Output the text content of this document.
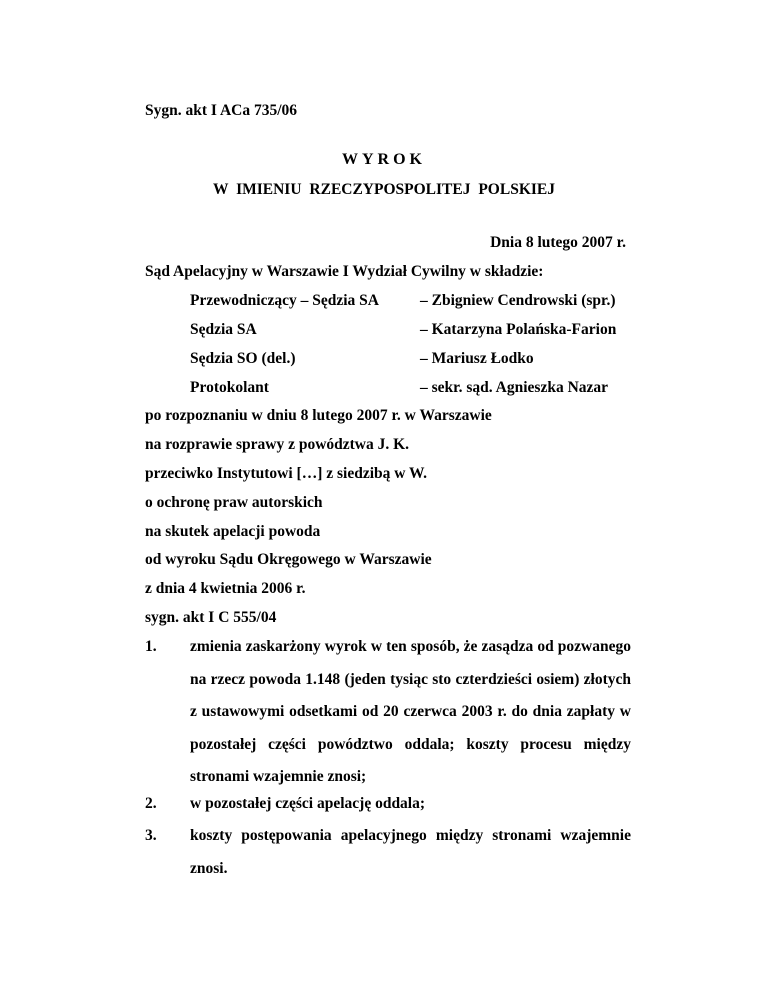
Sygn. akt I ACa 735/06
WYROK
W IMIENIU RZECZYPOSPOLITEJ POLSKIEJ
Dnia 8 lutego 2007 r.
Sąd Apelacyjny w Warszawie I Wydział Cywilny w składzie:
Przewodniczący – Sędzia SA	– Zbigniew Cendrowski (spr.)
Sędzia SA	– Katarzyna Polańska-Farion
Sędzia SO (del.)	– Mariusz Łodko
Protokolant	– sekr. sąd. Agnieszka Nazar
po rozpoznaniu w dniu 8 lutego 2007 r. w Warszawie
na rozprawie sprawy z powództwa J. K.
przeciwko Instytutowi […] z siedzibą w W.
o ochronę praw autorskich
na skutek apelacji powoda
od wyroku Sądu Okręgowego w Warszawie
z dnia 4 kwietnia 2006 r.
sygn. akt I C 555/04
1. zmienia zaskarżony wyrok w ten sposób, że zasądza od pozwanego na rzecz powoda 1.148 (jeden tysiąc sto czterdzieści osiem) złotych z ustawowymi odsetkami od 20 czerwca 2003 r. do dnia zapłaty w pozostałej części powództwo oddala; koszty procesu między stronami wzajemnie znosi;
2. w pozostałej części apelację oddala;
3. koszty postępowania apelacyjnego między stronami wzajemnie znosi.
